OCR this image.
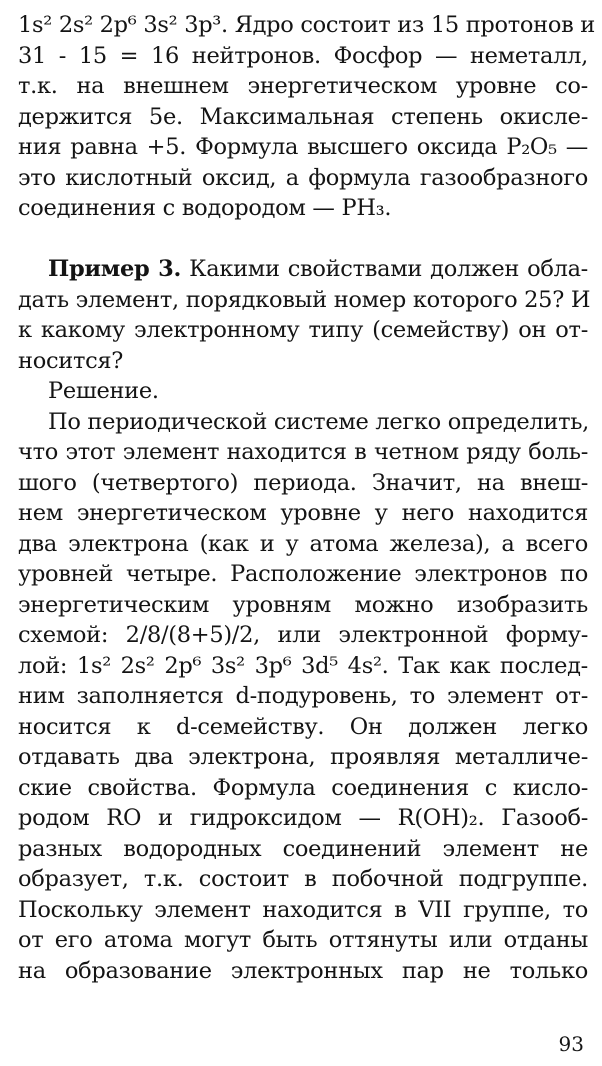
1s² 2s² 2p⁶ 3s² 3p³. Ядро состоит из 15 протонов и
31 - 15 = 16 нейтронов. Фосфор — неметалл,
т.к. на внешнем энергетическом уровне со-
держится 5е. Максимальная степень окисле-
ния равна +5. Формула высшего оксида P₂O₅ —
это кислотный оксид, а формула газообразного
соединения с водородом — PH₃.
Пример 3. Какими свойствами должен обла-
дать элемент, порядковый номер которого 25? И
к какому электронному типу (семейству) он от-
носится?
Решение.
По периодической системе легко определить,
что этот элемент находится в четном ряду боль-
шого (четвертого) периода. Значит, на внеш-
нем энергетическом уровне у него находится
два электрона (как и у атома железа), а всего
уровней четыре. Расположение электронов по
энергетическим уровням можно изобразить
схемой: 2/8/(8+5)/2, или электронной форму-
лой: 1s² 2s² 2p⁶ 3s² 3p⁶ 3d⁵ 4s². Так как послед-
ним заполняется d-подуровень, то элемент от-
носится к d-семейству. Он должен легко
отдавать два электрона, проявляя металличе-
ские свойства. Формула соединения с кисло-
родом RO и гидроксидом — R(OH)₂. Газооб-
разных водородных соединений элемент не
образует, т.к. состоит в побочной подгруппе.
Поскольку элемент находится в VII группе, то
от его атома могут быть оттянуты или отданы
на образование электронных пар не только
93
